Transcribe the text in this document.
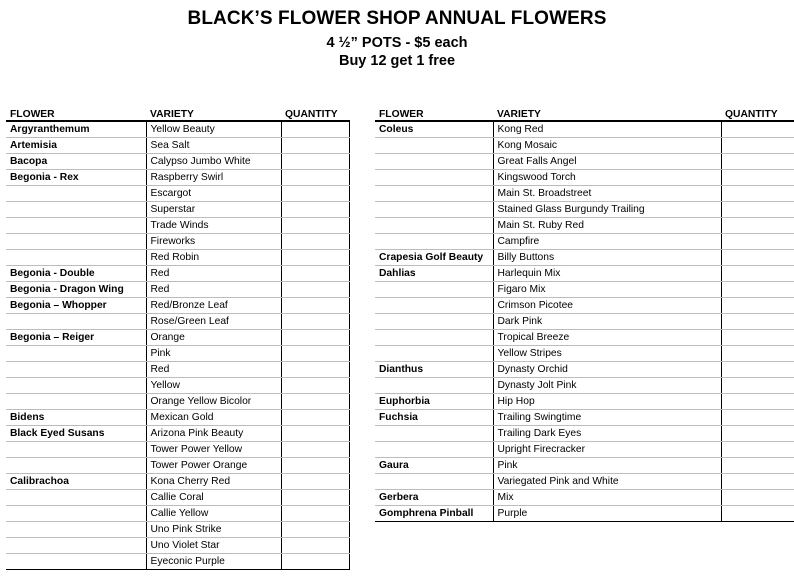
BLACK’S FLOWER SHOP ANNUAL FLOWERS
4 ½” POTS - $5 each
Buy 12 get 1 free
FLOWER	VARIETY	QUANTITY
Argyranthemum	Yellow Beauty	
Artemisia	Sea Salt	
Bacopa	Calypso Jumbo White	
Begonia - Rex	Raspberry Swirl	
	Escargot	
	Superstar	
	Trade Winds	
	Fireworks	
	Red Robin	
Begonia - Double	Red	
Begonia - Dragon Wing	Red	
Begonia – Whopper	Red/Bronze Leaf	
	Rose/Green Leaf	
Begonia – Reiger	Orange	
	Pink	
	Red	
	Yellow	
	Orange Yellow Bicolor	
Bidens	Mexican Gold	
Black Eyed Susans	Arizona Pink Beauty	
	Tower Power Yellow	
	Tower Power Orange	
Calibrachoa	Kona Cherry Red	
	Callie Coral	
	Callie Yellow	
	Uno Pink Strike	
	Uno Violet Star	
	Eyeconic Purple	
FLOWER	VARIETY	QUANTITY
Coleus	Kong Red	
	Kong Mosaic	
	Great Falls Angel	
	Kingswood Torch	
	Main St. Broadstreet	
	Stained Glass Burgundy Trailing	
	Main St. Ruby Red	
	Campfire	
Crapesia Golf Beauty	Billy Buttons	
Dahlias	Harlequin Mix	
	Figaro Mix	
	Crimson Picotee	
	Dark Pink	
	Tropical Breeze	
	Yellow Stripes	
Dianthus	Dynasty Orchid	
	Dynasty Jolt Pink	
Euphorbia	Hip Hop	
Fuchsia	Trailing Swingtime	
	Trailing Dark Eyes	
	Upright Firecracker	
Gaura	Pink	
	Variegated Pink and White	
Gerbera	Mix	
Gomphrena Pinball	Purple	
